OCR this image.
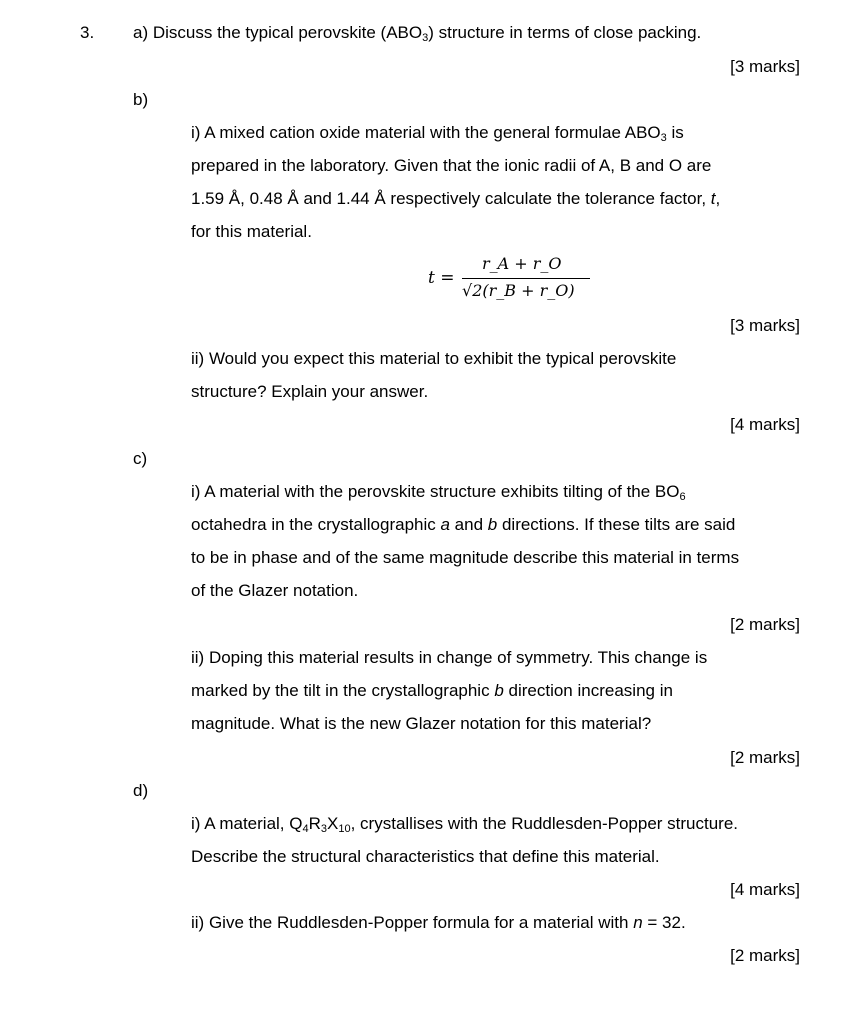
3. a) Discuss the typical perovskite $(ABO_3)$ structure in terms of close packing.
[3 marks]
b)
i) A mixed cation oxide material with the general formulae $ABO_3$ is
prepared in the laboratory. Given that the ionic radii of A, B and O are
1.59 Å, 0.48 Å and 1.44 Å respectively calculate the tolerance factor, t,
for this material.
t =
r_A + r_O
√2(r_B + r_O)
[3 marks]
ii) Would you expect this material to exhibit the typical perovskite
structure? Explain your answer.
[4 marks]
c)
i) A material with the perovskite structure exhibits tilting of the $BO_6$
octahedra in the crystallographic a and b directions. If these tilts are said
to be in phase and of the same magnitude describe this material in terms
of the Glazer notation.
[2 marks]
ii) Doping this material results in change of symmetry. This change is
marked by the tilt in the crystallographic b direction increasing in
magnitude. What is the new Glazer notation for this material?
[2 marks]
d)
i) A material, $Q_4R_3X_{10}$, crystallises with the Ruddlesden-Popper structure.
Describe the structural characteristics that define this material.
[4 marks]
ii) Give the Ruddlesden-Popper formula for a material with n = 32.
[2 marks]
